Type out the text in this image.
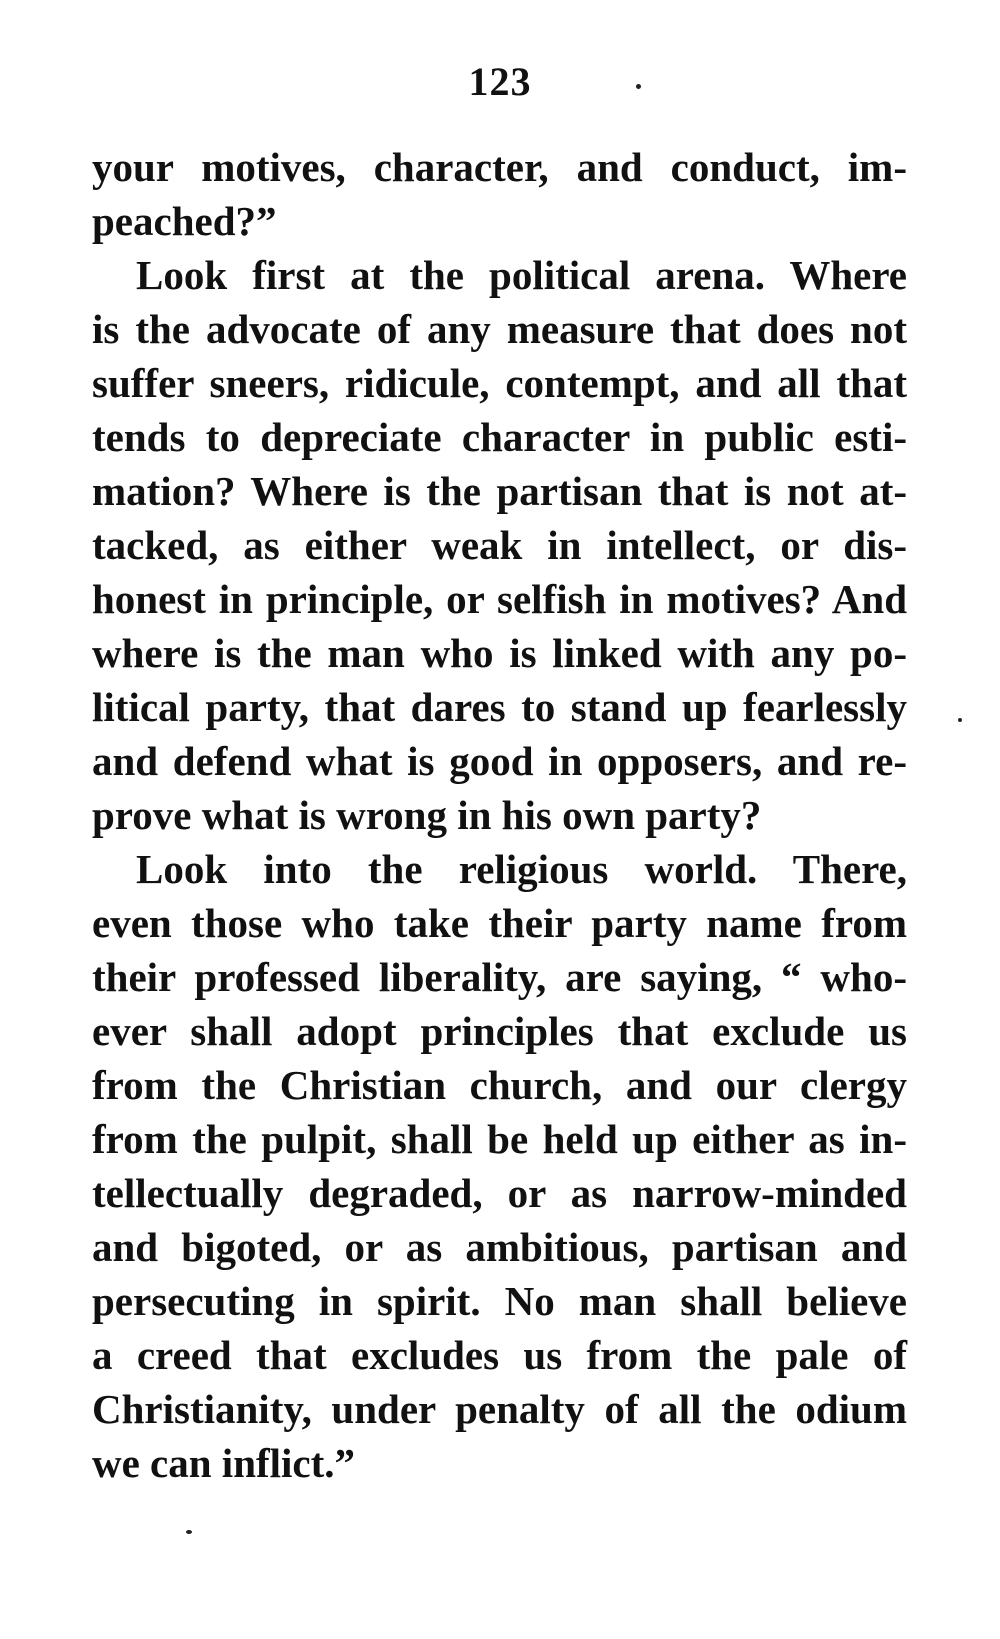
123
your motives, character, and conduct, im-
peached?”
Look first at the political arena. Where
is the advocate of any measure that does not
suffer sneers, ridicule, contempt, and all that
tends to depreciate character in public esti-
mation? Where is the partisan that is not at-
tacked, as either weak in intellect, or dis-
honest in principle, or selfish in motives? And
where is the man who is linked with any po-
litical party, that dares to stand up fearlessly
and defend what is good in opposers, and re-
prove what is wrong in his own party?
Look into the religious world. There,
even those who take their party name from
their professed liberality, are saying, “ who-
ever shall adopt principles that exclude us
from the Christian church, and our clergy
from the pulpit, shall be held up either as in-
tellectually degraded, or as narrow-minded
and bigoted, or as ambitious, partisan and
persecuting in spirit. No man shall believe
a creed that excludes us from the pale of
Christianity, under penalty of all the odium
we can inflict.”
